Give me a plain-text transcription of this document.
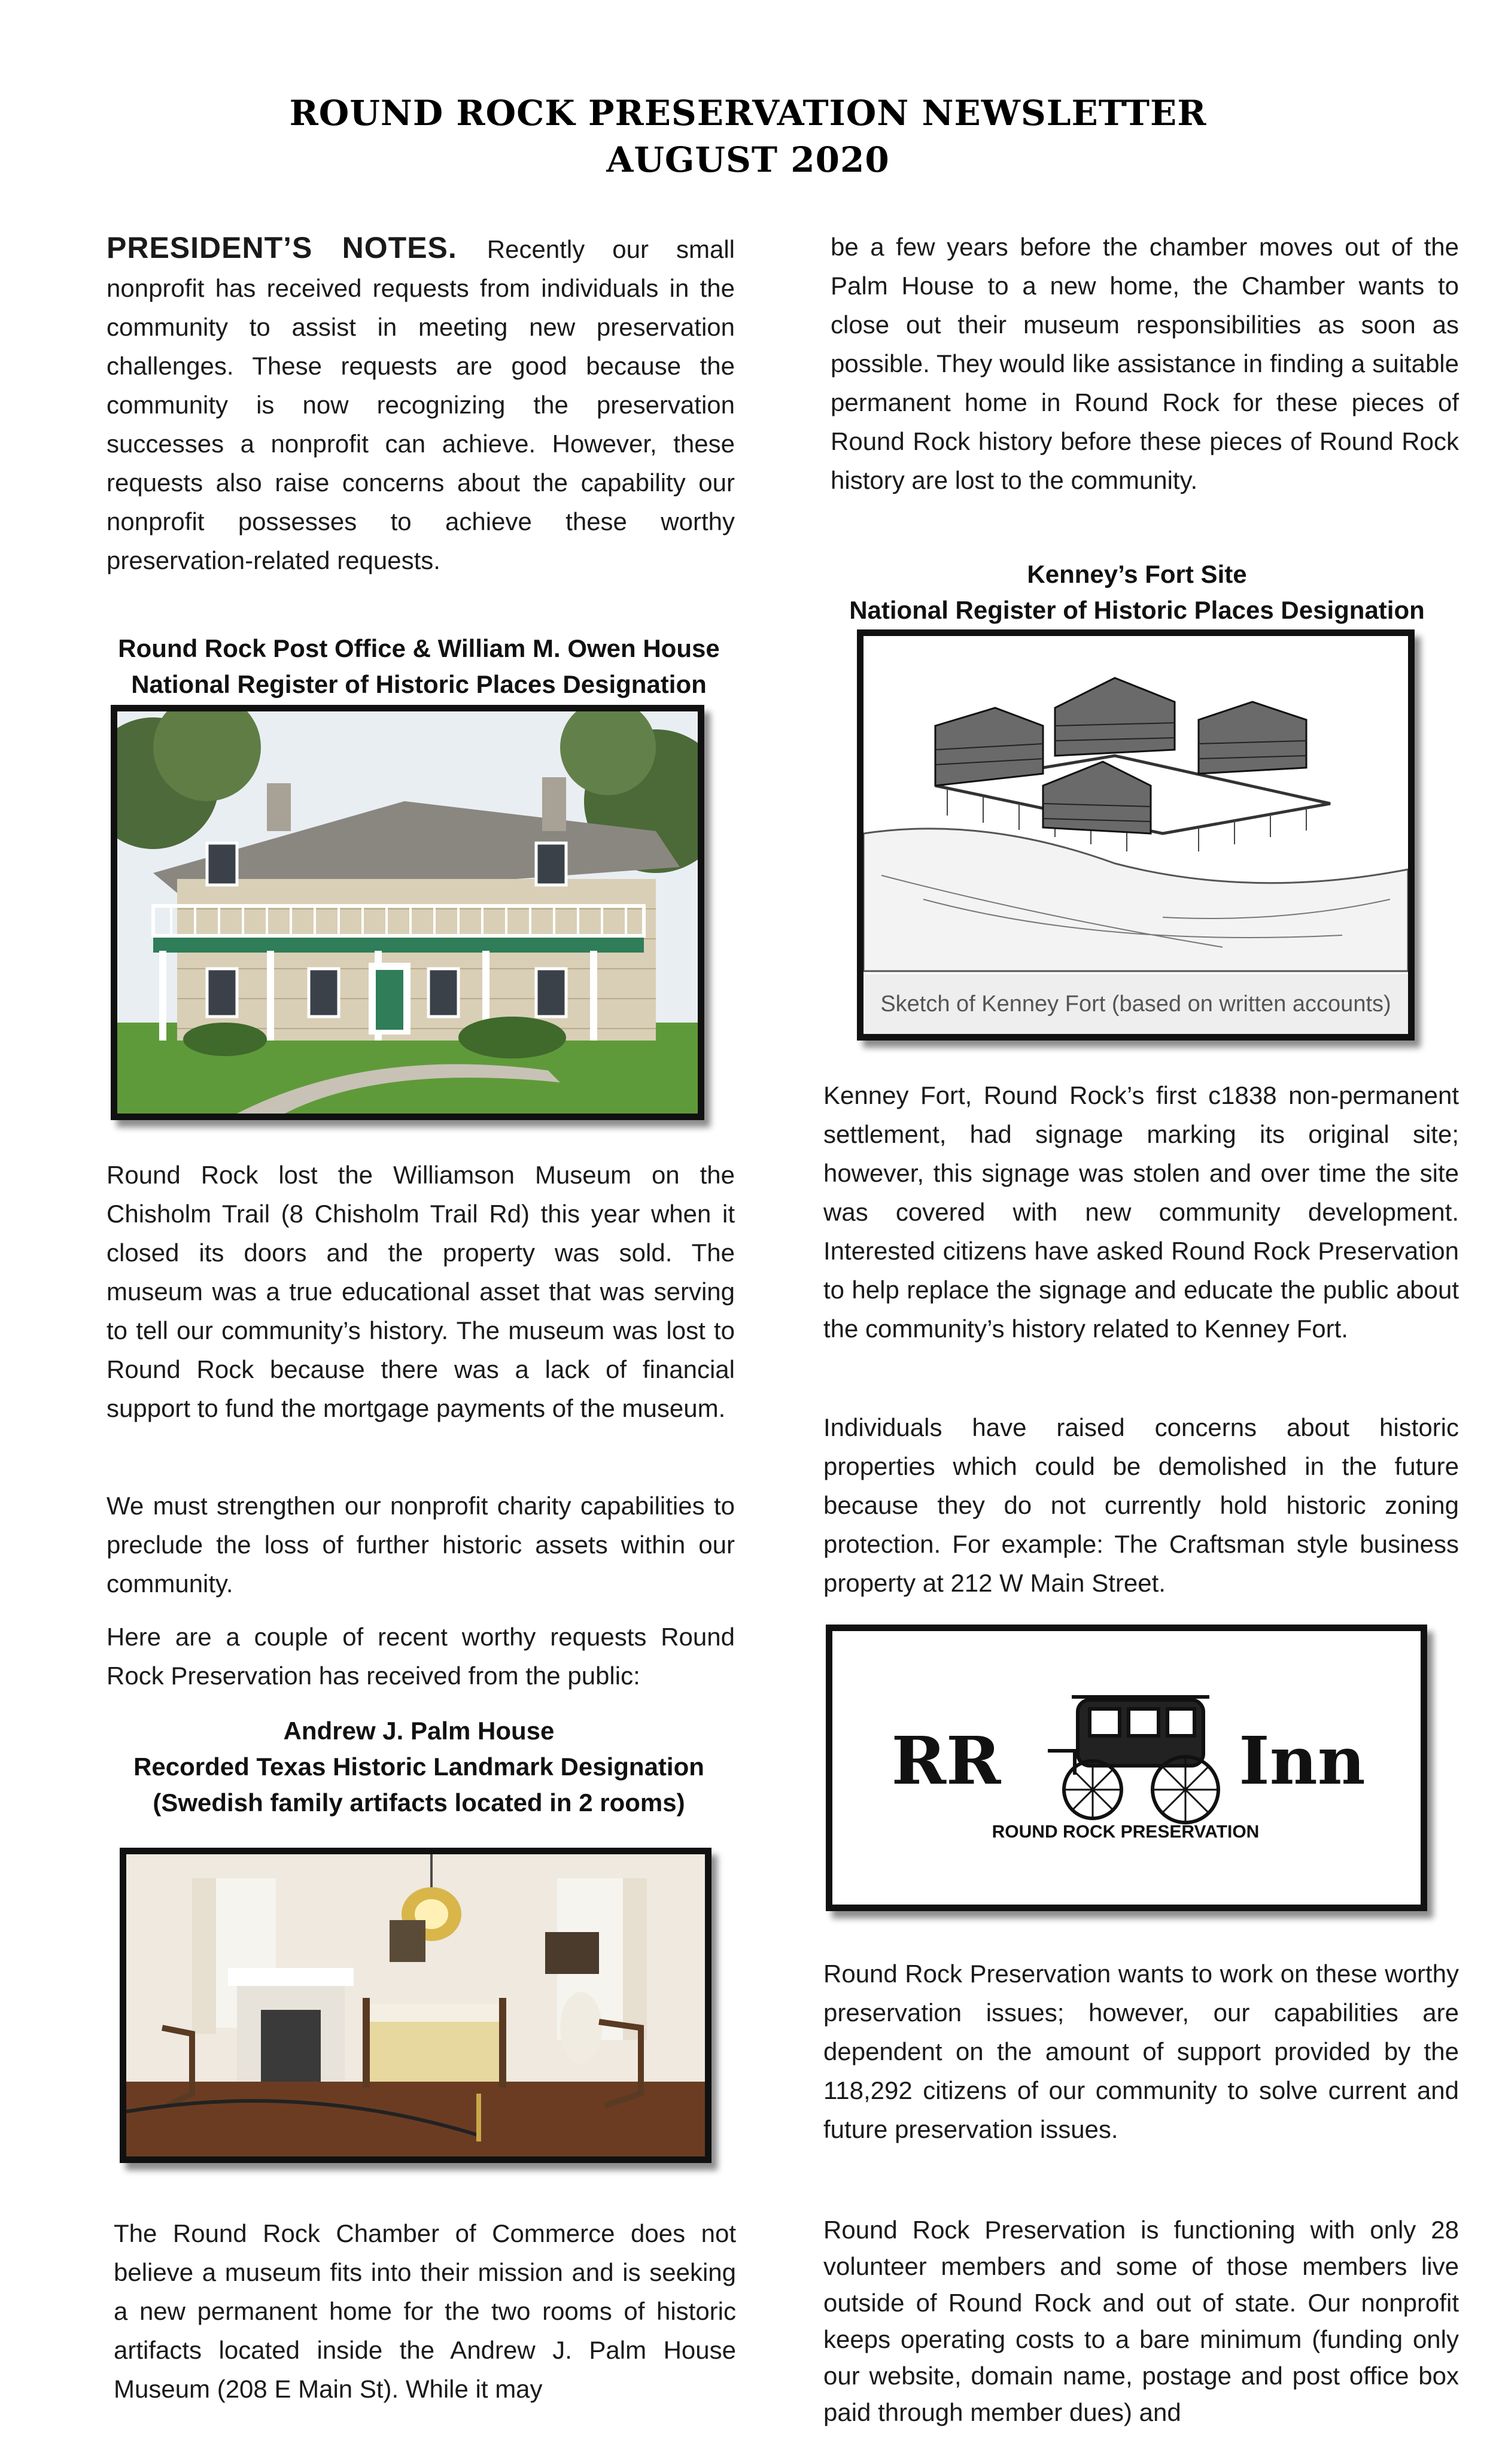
ROUND ROCK PRESERVATION NEWSLETTER
AUGUST 2020

PRESIDENT’S NOTES. Recently our small nonprofit has received requests from individuals in the community to assist in meeting new preservation challenges. These requests are good because the community is now recognizing the preservation successes a nonprofit can achieve. However, these requests also raise concerns about the capability our nonprofit possesses to achieve these worthy preservation-related requests.

Round Rock Post Office & William M. Owen House
National Register of Historic Places Designation

Round Rock lost the Williamson Museum on the Chisholm Trail (8 Chisholm Trail Rd) this year when it closed its doors and the property was sold. The museum was a true educational asset that was serving to tell our community’s history. The museum was lost to Round Rock because there was a lack of financial support to fund the mortgage payments of the museum.

We must strengthen our nonprofit charity capabilities to preclude the loss of further historic assets within our community.

Here are a couple of recent worthy requests Round Rock Preservation has received from the public:

Andrew J. Palm House
Recorded Texas Historic Landmark Designation
(Swedish family artifacts located in 2 rooms)

The Round Rock Chamber of Commerce does not believe a museum fits into their mission and is seeking a new permanent home for the two rooms of historic artifacts located inside the Andrew J. Palm House Museum (208 E Main St). While it may

be a few years before the chamber moves out of the Palm House to a new home, the Chamber wants to close out their museum responsibilities as soon as possible. They would like assistance in finding a suitable permanent home in Round Rock for these pieces of Round Rock history before these pieces of Round Rock history are lost to the community.

Kenney’s Fort Site
National Register of Historic Places Designation
Sketch of Kenney Fort (based on written accounts)

Kenney Fort, Round Rock’s first c1838 non-permanent settlement, had signage marking its original site; however, this signage was stolen and over time the site was covered with new community development. Interested citizens have asked Round Rock Preservation to help replace the signage and educate the public about the community’s history related to Kenney Fort.

Individuals have raised concerns about historic properties which could be demolished in the future because they do not currently hold historic zoning protection. For example: The Craftsman style business property at 212 W Main Street.

RR	Inn
ROUND ROCK PRESERVATION

Round Rock Preservation wants to work on these worthy preservation issues; however, our capabilities are dependent on the amount of support provided by the 118,292 citizens of our community to solve current and future preservation issues.

Round Rock Preservation is functioning with only 28 volunteer members and some of those members live outside of Round Rock and out of state. Our nonprofit keeps operating costs to a bare minimum (funding only our website, domain name, postage and post office box paid through member dues) and
